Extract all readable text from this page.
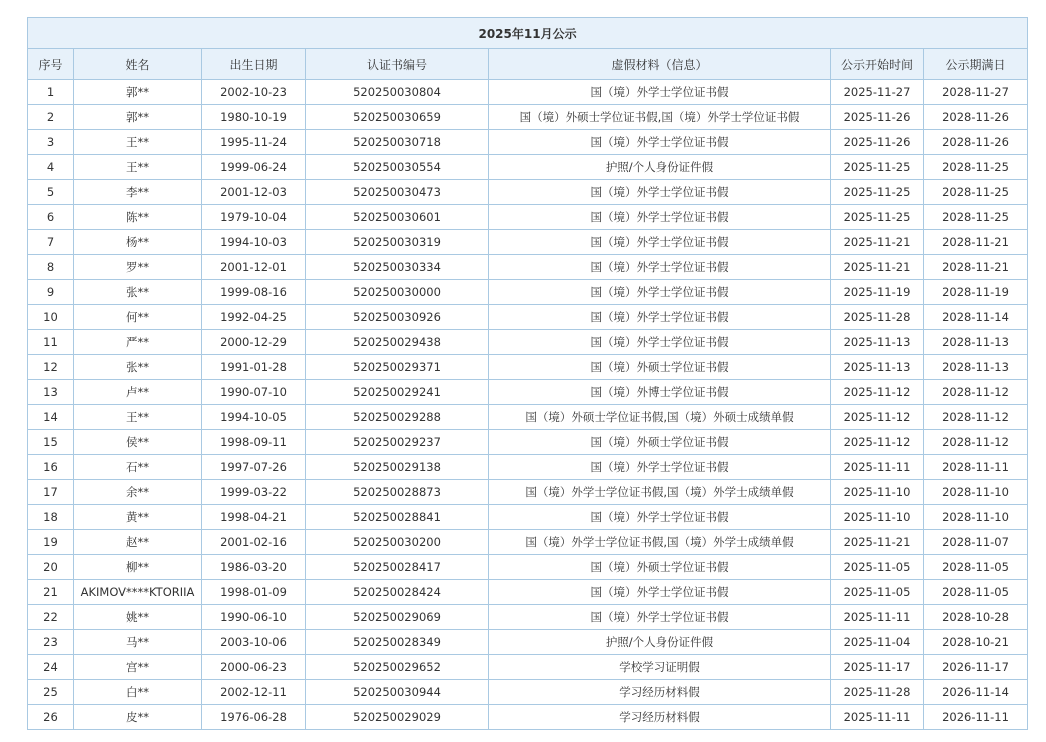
2025年11月公示						
序号	姓名	出生日期	认证书编号	虚假材料（信息）	公示开始时间	公示期满日
1	郭**	2002-10-23	520250030804	国（境）外学士学位证书假	2025-11-27	2028-11-27
2	郭**	1980-10-19	520250030659	国（境）外硕士学位证书假,国（境）外学士学位证书假	2025-11-26	2028-11-26
3	王**	1995-11-24	520250030718	国（境）外学士学位证书假	2025-11-26	2028-11-26
4	王**	1999-06-24	520250030554	护照/个人身份证件假	2025-11-25	2028-11-25
5	李**	2001-12-03	520250030473	国（境）外学士学位证书假	2025-11-25	2028-11-25
6	陈**	1979-10-04	520250030601	国（境）外学士学位证书假	2025-11-25	2028-11-25
7	杨**	1994-10-03	520250030319	国（境）外学士学位证书假	2025-11-21	2028-11-21
8	罗**	2001-12-01	520250030334	国（境）外学士学位证书假	2025-11-21	2028-11-21
9	张**	1999-08-16	520250030000	国（境）外学士学位证书假	2025-11-19	2028-11-19
10	何**	1992-04-25	520250030926	国（境）外学士学位证书假	2025-11-28	2028-11-14
11	严**	2000-12-29	520250029438	国（境）外学士学位证书假	2025-11-13	2028-11-13
12	张**	1991-01-28	520250029371	国（境）外硕士学位证书假	2025-11-13	2028-11-13
13	卢**	1990-07-10	520250029241	国（境）外博士学位证书假	2025-11-12	2028-11-12
14	王**	1994-10-05	520250029288	国（境）外硕士学位证书假,国（境）外硕士成绩单假	2025-11-12	2028-11-12
15	侯**	1998-09-11	520250029237	国（境）外硕士学位证书假	2025-11-12	2028-11-12
16	石**	1997-07-26	520250029138	国（境）外学士学位证书假	2025-11-11	2028-11-11
17	余**	1999-03-22	520250028873	国（境）外学士学位证书假,国（境）外学士成绩单假	2025-11-10	2028-11-10
18	黄**	1998-04-21	520250028841	国（境）外学士学位证书假	2025-11-10	2028-11-10
19	赵**	2001-02-16	520250030200	国（境）外学士学位证书假,国（境）外学士成绩单假	2025-11-21	2028-11-07
20	柳**	1986-03-20	520250028417	国（境）外硕士学位证书假	2025-11-05	2028-11-05
21	AKIMOV****KTORIIA	1998-01-09	520250028424	国（境）外学士学位证书假	2025-11-05	2028-11-05
22	姚**	1990-06-10	520250029069	国（境）外学士学位证书假	2025-11-11	2028-10-28
23	马**	2003-10-06	520250028349	护照/个人身份证件假	2025-11-04	2028-10-21
24	宫**	2000-06-23	520250029652	学校学习证明假	2025-11-17	2026-11-17
25	白**	2002-12-11	520250030944	学习经历材料假	2025-11-28	2026-11-14
26	皮**	1976-06-28	520250029029	学习经历材料假	2025-11-11	2026-11-11
